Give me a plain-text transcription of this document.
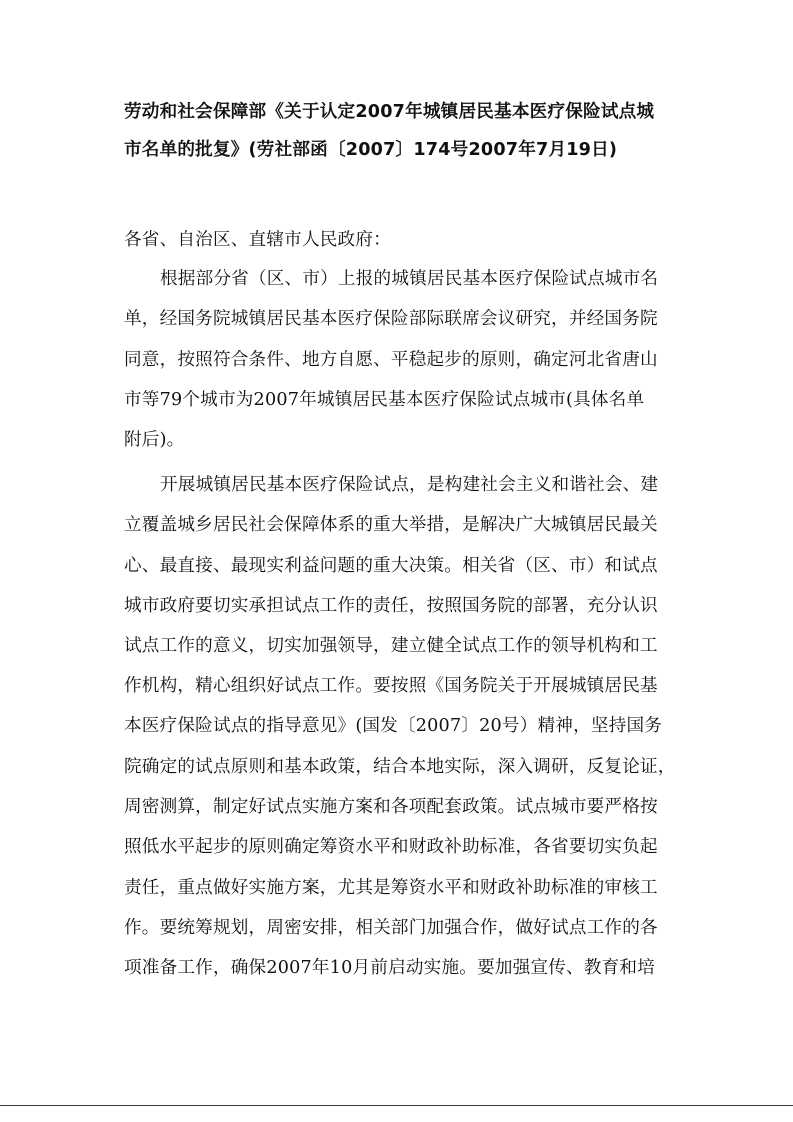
劳动和社会保障部《关于认定2007年城镇居民基本医疗保险试点城
市名单的批复》(劳社部函〔2007〕174号2007年7月19日)
各省、自治区、直辖市人民政府：
根据部分省（区、市）上报的城镇居民基本医疗保险试点城市名
单，经国务院城镇居民基本医疗保险部际联席会议研究，并经国务院
同意，按照符合条件、地方自愿、平稳起步的原则，确定河北省唐山
市等79个城市为2007年城镇居民基本医疗保险试点城市(具体名单
附后)。
开展城镇居民基本医疗保险试点，是构建社会主义和谐社会、建
立覆盖城乡居民社会保障体系的重大举措，是解决广大城镇居民最关
心、最直接、最现实利益问题的重大决策。相关省（区、市）和试点
城市政府要切实承担试点工作的责任，按照国务院的部署，充分认识
试点工作的意义，切实加强领导，建立健全试点工作的领导机构和工
作机构，精心组织好试点工作。要按照《国务院关于开展城镇居民基
本医疗保险试点的指导意见》(国发〔2007〕20号）精神，坚持国务
院确定的试点原则和基本政策，结合本地实际，深入调研，反复论证，
周密测算，制定好试点实施方案和各项配套政策。试点城市要严格按
照低水平起步的原则确定筹资水平和财政补助标准，各省要切实负起
责任，重点做好实施方案，尤其是筹资水平和财政补助标准的审核工
作。要统筹规划，周密安排，相关部门加强合作，做好试点工作的各
项准备工作，确保2007年10月前启动实施。要加强宣传、教育和培
